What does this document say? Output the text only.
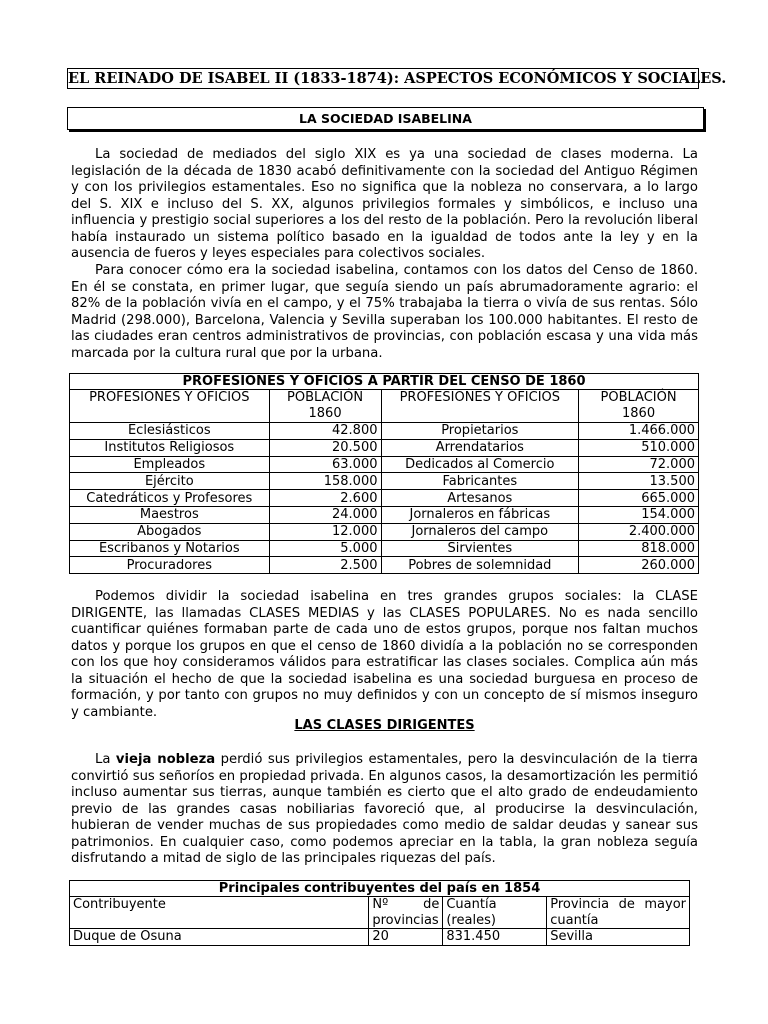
EL REINADO DE ISABEL II (1833-1874): ASPECTOS ECONÓMICOS Y SOCIALES.
LA SOCIEDAD ISABELINA

La sociedad de mediados del siglo XIX es ya una sociedad de clases moderna. La legislación de la década de 1830 acabó definitivamente con la sociedad del Antiguo Régimen y con los privilegios estamentales. Eso no significa que la nobleza no conservara, a lo largo del S. XIX e incluso del S. XX, algunos privilegios formales y simbólicos, e incluso una influencia y prestigio social superiores a los del resto de la población. Pero la revolución liberal había instaurado un sistema político basado en la igualdad de todos ante la ley y en la ausencia de fueros y leyes especiales para colectivos sociales.

Para conocer cómo era la sociedad isabelina, contamos con los datos del Censo de 1860. En él se constata, en primer lugar, que seguía siendo un país abrumadoramente agrario: el 82% de la población vivía en el campo, y el 75% trabajaba la tierra o vivía de sus rentas. Sólo Madrid (298.000), Barcelona, Valencia y Sevilla superaban los 100.000 habitantes. El resto de las ciudades eran centros administrativos de provincias, con población escasa y una vida más marcada por la cultura rural que por la urbana.

PROFESIONES Y OFICIOS A PARTIR DEL CENSO DE 1860			
PROFESIONES Y OFICIOS	POBLACIÓN 1860	PROFESIONES Y OFICIOS	POBLACIÓN 1860
Eclesiásticos	42.800	Propietarios	1.466.000
Institutos Religiosos	20.500	Arrendatarios	510.000
Empleados	63.000	Dedicados al Comercio	72.000
Ejército	158.000	Fabricantes	13.500
Catedráticos y Profesores	2.600	Artesanos	665.000
Maestros	24.000	Jornaleros en fábricas	154.000
Abogados	12.000	Jornaleros del campo	2.400.000
Escribanos y Notarios	5.000	Sirvientes	818.000
Procuradores	2.500	Pobres de solemnidad	260.000

Podemos dividir la sociedad isabelina en tres grandes grupos sociales: la CLASE DIRIGENTE, las llamadas CLASES MEDIAS y las CLASES POPULARES. No es nada sencillo cuantificar quiénes formaban parte de cada uno de estos grupos, porque nos faltan muchos datos y porque los grupos en que el censo de 1860 dividía a la población no se corresponden con los que hoy consideramos válidos para estratificar las clases sociales. Complica aún más la situación el hecho de que la sociedad isabelina es una sociedad burguesa en proceso de formación, y por tanto con grupos no muy definidos y con un concepto de sí mismos inseguro y cambiante.

LAS CLASES DIRIGENTES

La vieja nobleza perdió sus privilegios estamentales, pero la desvinculación de la tierra convirtió sus señoríos en propiedad privada. En algunos casos, la desamortización les permitió incluso aumentar sus tierras, aunque también es cierto que el alto grado de endeudamiento previo de las grandes casas nobiliarias favoreció que, al producirse la desvinculación, hubieran de vender muchas de sus propiedades como medio de saldar deudas y sanear sus patrimonios. En cualquier caso, como podemos apreciar en la tabla, la gran nobleza seguía disfrutando a mitad de siglo de las principales riquezas del país.

Principales contribuyentes del país en 1854			
Contribuyente	Nº de provincias	Cuantía (reales)	Provincia de mayor cuantía
Duque de Osuna	20	831.450	Sevilla
